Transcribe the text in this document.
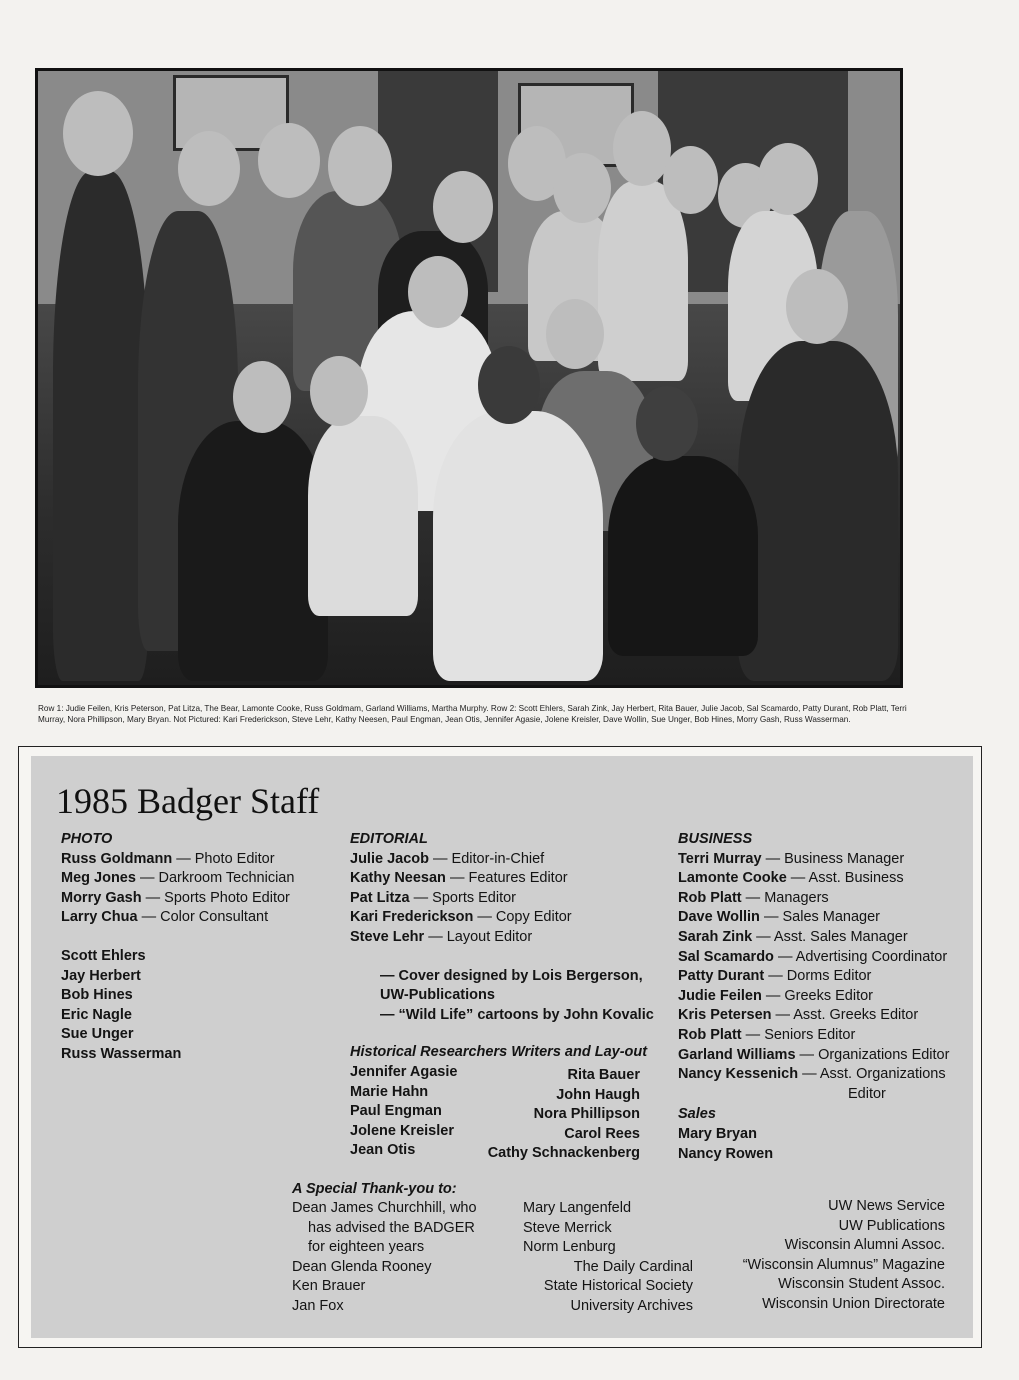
Row 1: Judie Feilen, Kris Peterson, Pat Litza, The Bear, Lamonte Cooke, Russ Goldmam, Garland Williams, Martha Murphy. Row 2: Scott Ehlers, Sarah Zink, Jay Herbert, Rita Bauer, Julie Jacob, Sal Scamardo, Patty Durant, Rob Platt, Terri Murray, Nora Phillipson, Mary Bryan. Not Pictured: Kari Frederickson, Steve Lehr, Kathy Neesen, Paul Engman, Jean Otis, Jennifer Agasie, Jolene Kreisler, Dave Wollin, Sue Unger, Bob Hines, Morry Gash, Russ Wasserman.
1985 Badger Staff
PHOTO
Russ Goldmann — Photo Editor
Meg Jones — Darkroom Technician
Morry Gash — Sports Photo Editor
Larry Chua — Color Consultant
Scott Ehlers
Jay Herbert
Bob Hines
Eric Nagle
Sue Unger
Russ Wasserman
EDITORIAL
Julie Jacob — Editor-in-Chief
Kathy Neesan — Features Editor
Pat Litza — Sports Editor
Kari Frederickson — Copy Editor
Steve Lehr — Layout Editor
— Cover designed by Lois Bergerson,
UW-Publications
— “Wild Life” cartoons by John Kovalic
Historical Researchers Writers and Lay-out
Jennifer Agasie
Marie Hahn
Paul Engman
Jolene Kreisler
Jean Otis
Rita Bauer
John Haugh
Nora Phillipson
Carol Rees
Cathy Schnackenberg
BUSINESS
Terri Murray — Business Manager
Lamonte Cooke — Asst. Business
Rob Platt — Managers
Dave Wollin — Sales Manager
Sarah Zink — Asst. Sales Manager
Sal Scamardo — Advertising Coordinator
Patty Durant — Dorms Editor
Judie Feilen — Greeks Editor
Kris Petersen — Asst. Greeks Editor
Rob Platt — Seniors Editor
Garland Williams — Organizations Editor
Nancy Kessenich — Asst. Organizations
Editor
Sales
Mary Bryan
Nancy Rowen
A Special Thank-you to:
Dean James Churchhill, who
has advised the BADGER
for eighteen years
Dean Glenda Rooney
Ken Brauer
Jan Fox
Mary Langenfeld
Steve Merrick
Norm Lenburg
The Daily Cardinal
State Historical Society
University Archives
UW News Service
UW Publications
Wisconsin Alumni Assoc.
“Wisconsin Alumnus” Magazine
Wisconsin Student Assoc.
Wisconsin Union Directorate
